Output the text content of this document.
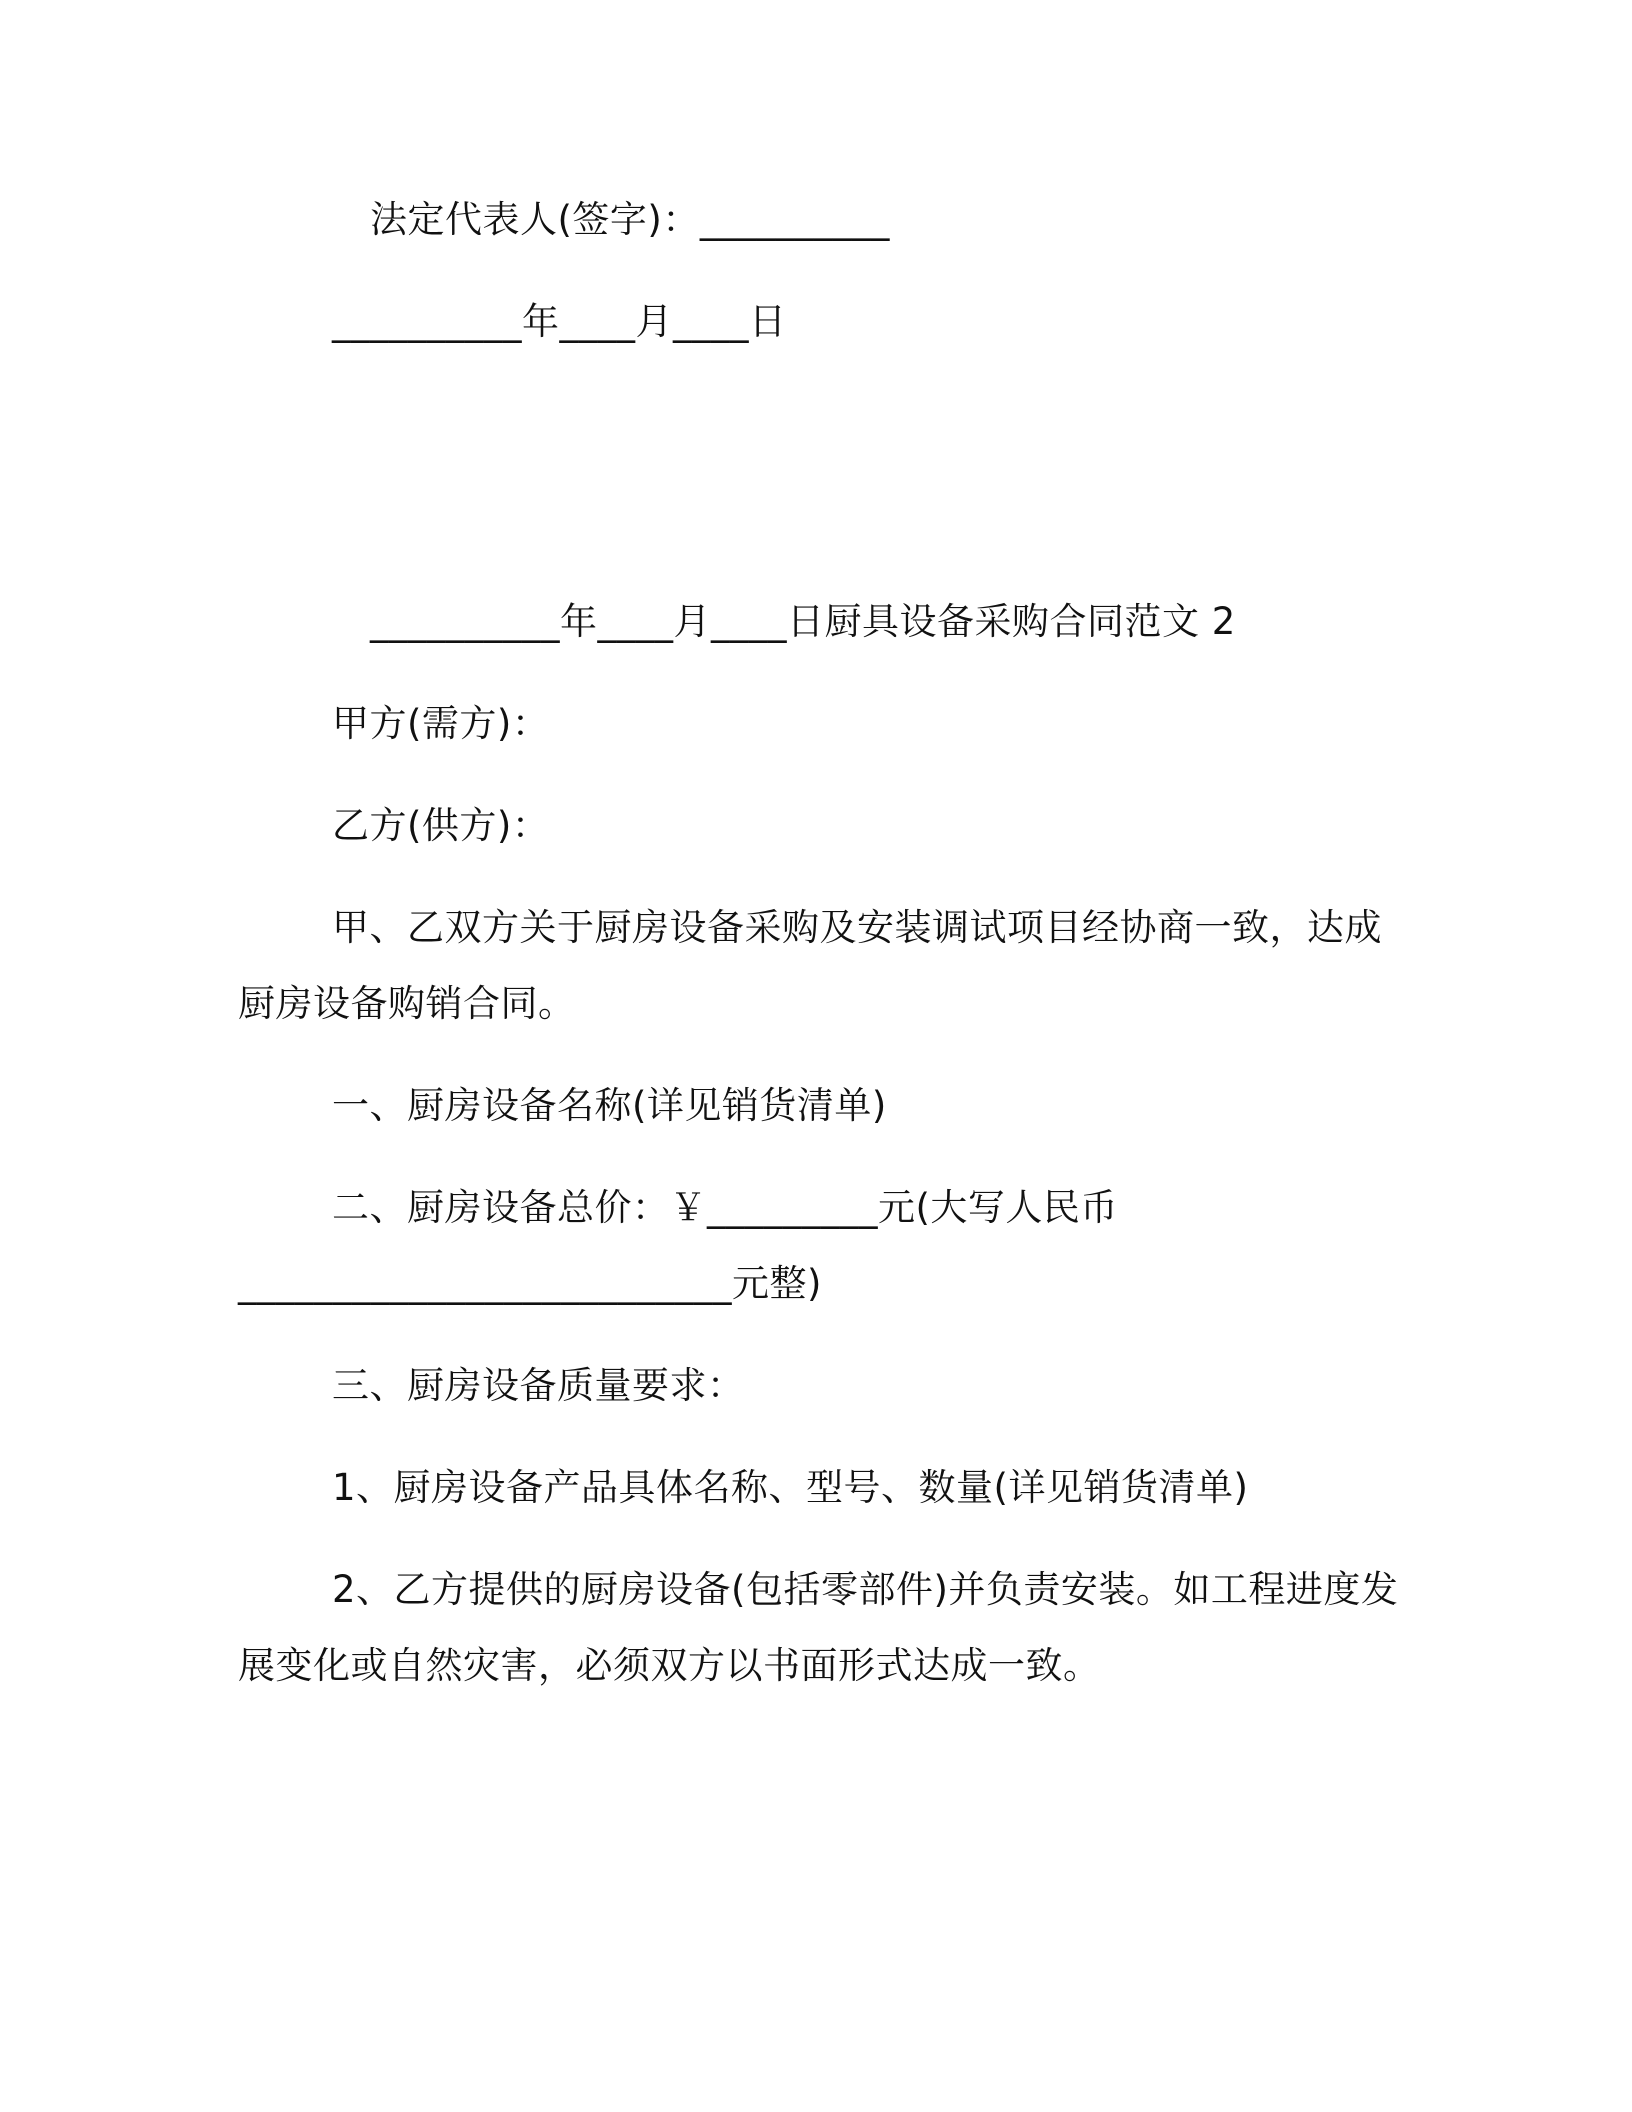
法定代表人(签字)：__________
__________年____月____日
__________年____月____日厨具设备采购合同范文 2
甲方(需方)：
乙方(供方)：
甲、乙双方关于厨房设备采购及安装调试项目经协商一致，达成
厨房设备购销合同。
一、厨房设备名称(详见销货清单)
二、厨房设备总价：￥_________元(大写人民币
__________________________元整)
三、厨房设备质量要求：
1、厨房设备产品具体名称、型号、数量(详见销货清单)
2、乙方提供的厨房设备(包括零部件)并负责安装。如工程进度发
展变化或自然灾害，必须双方以书面形式达成一致。
